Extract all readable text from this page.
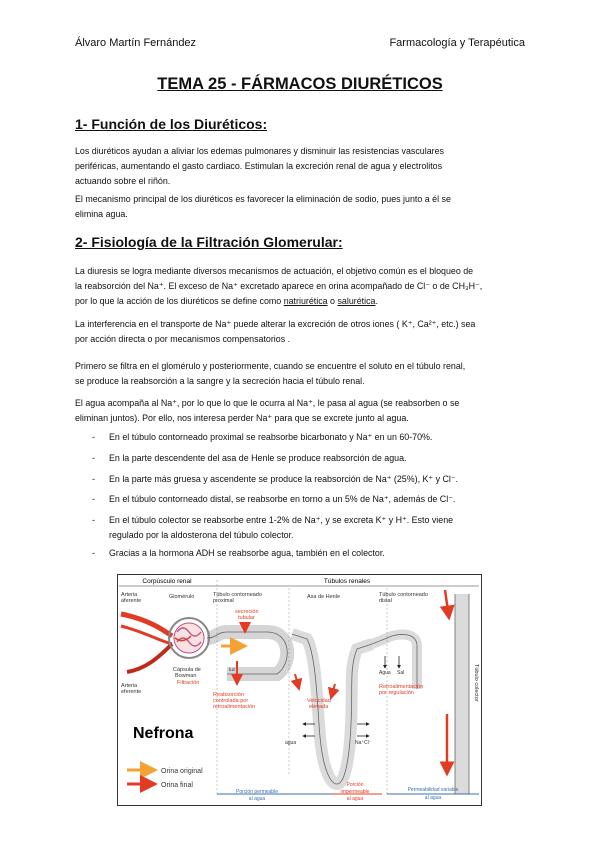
Álvaro Martín Fernández	Farmacología y Terapéutica
TEMA 25 - FÁRMACOS DIURÉTICOS
1- Función de los Diuréticos:
Los diuréticos ayudan a aliviar los edemas pulmonares y disminuir las resistencias vasculares
periféricas, aumentando el gasto cardiaco. Estimulan la excreción renal de agua y electrolitos
actuando sobre el riñón.
El mecanismo principal de los diuréticos es favorecer la eliminación de sodio, pues junto a él se
elimina agua.
2- Fisiología de la Filtración Glomerular:
La diuresis se logra mediante diversos mecanismos de actuación, el objetivo común es el bloqueo de
la reabsorción del Na⁺. El exceso de Na⁺ excretado aparece en orina acompañado de Cl⁻ o de CH₃H⁻,
por lo que la acción de los diuréticos se define como natriurética o salurética.
La interferencia en el transporte de Na⁺ puede alterar la excreción de otros iones ( K⁺, Ca²⁺, etc.) sea
por acción directa o por mecanismos compensatorios .
Primero se filtra en el glomérulo y posteriormente, cuando se encuentre el soluto en el túbulo renal,
se produce la reabsorción a la sangre y la secreción hacia el túbulo renal.
El agua acompaña al Na⁺, por lo que lo que le ocurra al Na⁺, le pasa al agua (se reabsorben o se
eliminan juntos). Por ello, nos interesa perder Na⁺ para que se excrete junto al agua.
- En el túbulo contorneado proximal se reabsorbe bicarbonato y Na⁺ en un 60-70%.
- En la parte descendente del asa de Henle se produce reabsorción de agua.
- En la parte más gruesa y ascendente se produce la reabsorción de Na⁺ (25%), K⁺ y Cl⁻.
- En el túbulo contorneado distal, se reabsorbe en torno a un 5% de Na⁺, además de Cl⁻.
- En el túbulo colector se reabsorbe entre 1-2% de Na⁺, y se excreta K⁺ y H⁺. Esto viene
regulado por la aldosterona del túbulo colector.
- Gracias a la hormona ADH se reabsorbe agua, también en el colector.
Corpúsculo renal	Túbulos renales
Arteria
aferente
Glomérulo
Arteria
eferente
Cápsula de
Bowman
Filtración
Túbulo contorneado
proximal
secreción
tubular
luz
Reabsorción
controlada por
retroalimentación
Asa de Henle
Velocidad
elevada
agua	Na⁺Cl⁻
Túbulo contorneado
distal
Agua Sal
Retroalimentación
por regulación	Túbulo colector
Porción permeable
al agua
Porción
impermeable
al agua
Permeabilidad variable
al agua
Nefrona
Orina original
Orina final
